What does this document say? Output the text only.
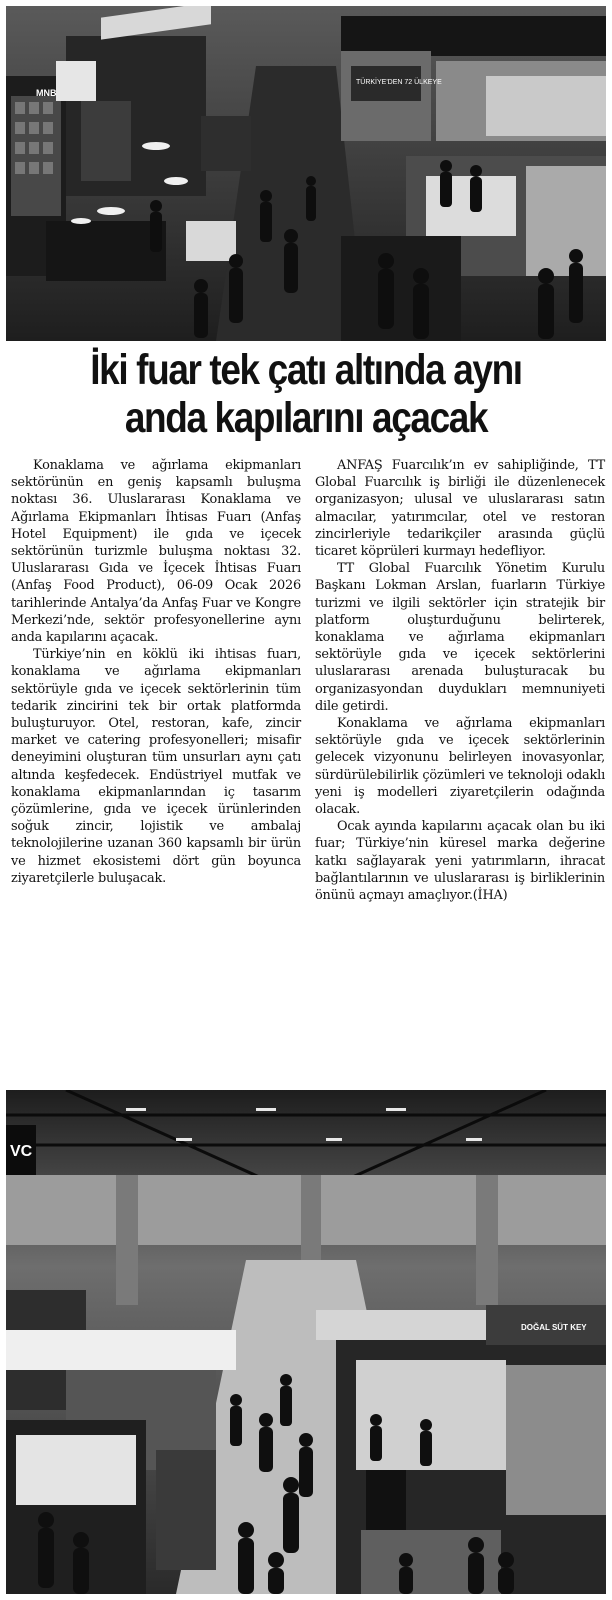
MNB
TÜRKİYE'DEN 72 ÜLKEYE
İki fuar tek çatı altında aynı anda kapılarını açacak

Konaklama ve ağırlama ekipmanları sektörünün en geniş kapsamlı buluşma noktası 36. Uluslararası Konaklama ve Ağırlama Ekipmanları İhtisas Fuarı (Anfaş Hotel Equipment) ile gıda ve içecek sektörünün turizmle buluşma noktası 32. Uluslararası Gıda ve İçecek İhtisas Fuarı (Anfaş Food Product), 06-09 Ocak 2026 tarihlerinde Antalya’da Anfaş Fuar ve Kongre Merkezi’nde, sektör profesyonellerine aynı anda kapılarını açacak.

Türkiye’nin en köklü iki ihtisas fuarı, konaklama ve ağırlama ekipmanları sektörüyle gıda ve içecek sektörlerinin tüm tedarik zincirini tek bir ortak platformda buluşturuyor. Otel, restoran, kafe, zincir market ve catering profesyonelleri; misafir deneyimini oluşturan tüm unsurları aynı çatı altında keşfedecek. Endüstriyel mutfak ve konaklama ekipmanlarından iç tasarım çözümlerine, gıda ve içecek ürünlerinden soğuk zincir, lojistik ve ambalaj teknolojilerine uzanan 360 kapsamlı bir ürün ve hizmet ekosistemi dört gün boyunca ziyaretçilerle buluşacak.

ANFAŞ Fuarcılık’ın ev sahipliğinde, TT Global Fuarcılık iş birliği ile düzenlenecek organizasyon; ulusal ve uluslararası satın almacılar, yatırımcılar, otel ve restoran zincirleriyle tedarikçiler arasında güçlü ticaret köprüleri kurmayı hedefliyor.

TT Global Fuarcılık Yönetim Kurulu Başkanı Lokman Arslan, fuarların Türkiye turizmi ve ilgili sektörler için stratejik bir platform oluşturduğunu belirterek, konaklama ve ağırlama ekipmanları sektörüyle gıda ve içecek sektörlerini uluslararası arenada buluşturacak bu organizasyondan duydukları memnuniyeti dile getirdi.

Konaklama ve ağırlama ekipmanları sektörüyle gıda ve içecek sektörlerinin gelecek vizyonunu belirleyen inovasyonlar, sürdürülebilirlik çözümleri ve teknoloji odaklı yeni iş modelleri ziyaretçilerin odağında olacak.

Ocak ayında kapılarını açacak olan bu iki fuar; Türkiye’nin küresel marka değerine katkı sağlayarak yeni yatırımların, ihracat bağlantılarının ve uluslararası iş birliklerinin önünü açmayı amaçlıyor.(İHA)

VC
DOĞAL SÜT KEY
